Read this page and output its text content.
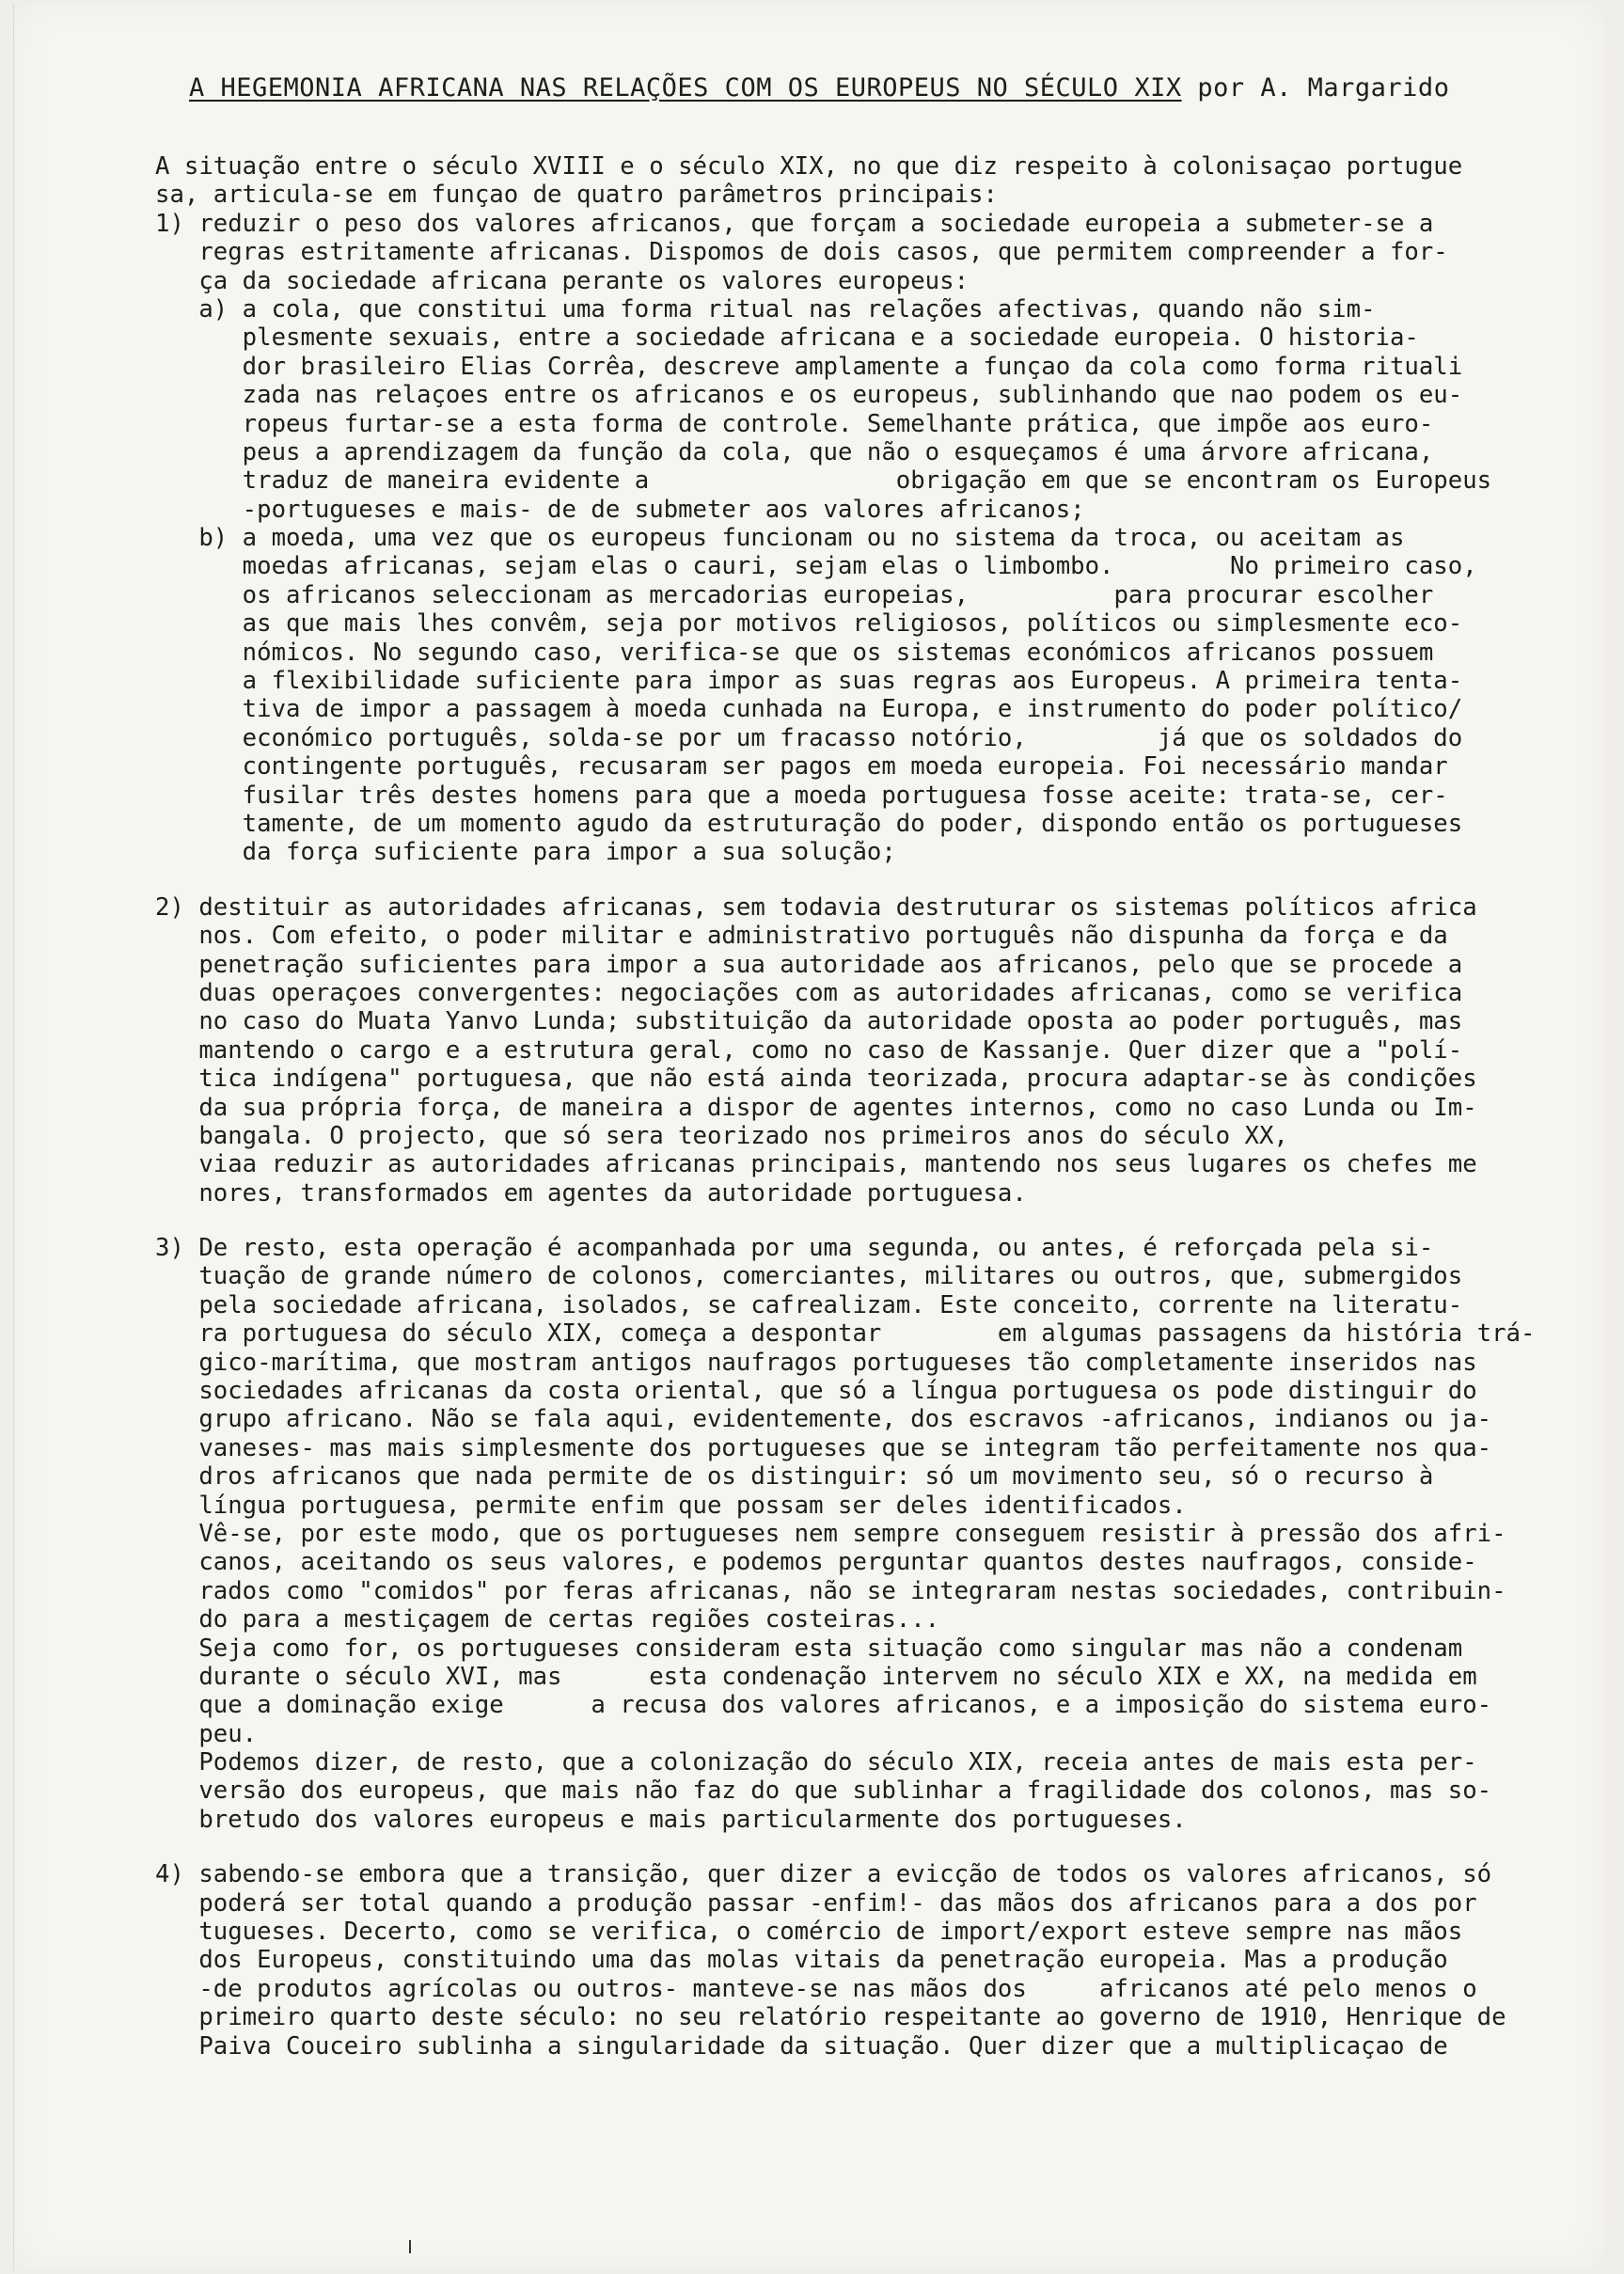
A HEGEMONIA AFRICANA NAS RELAÇÕES COM OS EUROPEUS NO SÉCULO XIX por A. Margarido
A situação entre o século XVIII e o século XIX, no que diz respeito à colonisaçao portugue
sa, articula-se em funçao de quatro parâmetros principais:
1) reduzir o peso dos valores africanos, que forçam a sociedade europeia a submeter-se a
regras estritamente africanas. Dispomos de dois casos, que permitem compreender a for-
ça da sociedade africana perante os valores europeus:
a) a cola, que constitui uma forma ritual nas relações afectivas, quando não sim-
plesmente sexuais, entre a sociedade africana e a sociedade europeia. O historia-
dor brasileiro Elias Corrêa, descreve amplamente a funçao da cola como forma rituali
zada nas relaçoes entre os africanos e os europeus, sublinhando que nao podem os eu-
ropeus furtar-se a esta forma de controle. Semelhante prática, que impõe aos euro-
peus a aprendizagem da função da cola, que não o esqueçamos é uma árvore africana,
traduz de maneira evidente a                 obrigação em que se encontram os Europeus
-portugueses e mais- de de submeter aos valores africanos;
b) a moeda, uma vez que os europeus funcionam ou no sistema da troca, ou aceitam as
moedas africanas, sejam elas o cauri, sejam elas o limbombo.        No primeiro caso,
os africanos seleccionam as mercadorias europeias,          para procurar escolher
as que mais lhes convêm, seja por motivos religiosos, políticos ou simplesmente eco-
nómicos. No segundo caso, verifica-se que os sistemas económicos africanos possuem
a flexibilidade suficiente para impor as suas regras aos Europeus. A primeira tenta-
tiva de impor a passagem à moeda cunhada na Europa, e instrumento do poder político/
económico português, solda-se por um fracasso notório,         já que os soldados do
contingente português, recusaram ser pagos em moeda europeia. Foi necessário mandar
fusilar três destes homens para que a moeda portuguesa fosse aceite: trata-se, cer-
tamente, de um momento agudo da estruturação do poder, dispondo então os portugueses
da força suficiente para impor a sua solução;
2) destituir as autoridades africanas, sem todavia destruturar os sistemas políticos africa
nos. Com efeito, o poder militar e administrativo português não dispunha da força e da
penetração suficientes para impor a sua autoridade aos africanos, pelo que se procede a
duas operaçoes convergentes: negociações com as autoridades africanas, como se verifica
no caso do Muata Yanvo Lunda; substituição da autoridade oposta ao poder português, mas
mantendo o cargo e a estrutura geral, como no caso de Kassanje. Quer dizer que a "polí-
tica indígena" portuguesa, que não está ainda teorizada, procura adaptar-se às condições
da sua própria força, de maneira a dispor de agentes internos, como no caso Lunda ou Im-
bangala. O projecto, que só sera teorizado nos primeiros anos do século XX,
viaa reduzir as autoridades africanas principais, mantendo nos seus lugares os chefes me
nores, transformados em agentes da autoridade portuguesa.
3) De resto, esta operação é acompanhada por uma segunda, ou antes, é reforçada pela si-
tuação de grande número de colonos, comerciantes, militares ou outros, que, submergidos
pela sociedade africana, isolados, se cafrealizam. Este conceito, corrente na literatu-
ra portuguesa do século XIX, começa a despontar        em algumas passagens da história trá-
gico-marítima, que mostram antigos naufragos portugueses tão completamente inseridos nas
sociedades africanas da costa oriental, que só a língua portuguesa os pode distinguir do
grupo africano. Não se fala aqui, evidentemente, dos escravos -africanos, indianos ou ja-
vaneses- mas mais simplesmente dos portugueses que se integram tão perfeitamente nos qua-
dros africanos que nada permite de os distinguir: só um movimento seu, só o recurso à
língua portuguesa, permite enfim que possam ser deles identificados.
Vê-se, por este modo, que os portugueses nem sempre conseguem resistir à pressão dos afri-
canos, aceitando os seus valores, e podemos perguntar quantos destes naufragos, conside-
rados como "comidos" por feras africanas, não se integraram nestas sociedades, contribuin-
do para a mestiçagem de certas regiões costeiras...
Seja como for, os portugueses consideram esta situação como singular mas não a condenam
durante o século XVI, mas      esta condenação intervem no século XIX e XX, na medida em
que a dominação exige      a recusa dos valores africanos, e a imposição do sistema euro-
peu.
Podemos dizer, de resto, que a colonização do século XIX, receia antes de mais esta per-
versão dos europeus, que mais não faz do que sublinhar a fragilidade dos colonos, mas so-
bretudo dos valores europeus e mais particularmente dos portugueses.
4) sabendo-se embora que a transição, quer dizer a evicção de todos os valores africanos, só
poderá ser total quando a produção passar -enfim!- das mãos dos africanos para a dos por
tugueses. Decerto, como se verifica, o comércio de import/export esteve sempre nas mãos
dos Europeus, constituindo uma das molas vitais da penetração europeia. Mas a produção
-de produtos agrícolas ou outros- manteve-se nas mãos dos     africanos até pelo menos o
primeiro quarto deste século: no seu relatório respeitante ao governo de 1910, Henrique de
Paiva Couceiro sublinha a singularidade da situação. Quer dizer que a multiplicaçao de
